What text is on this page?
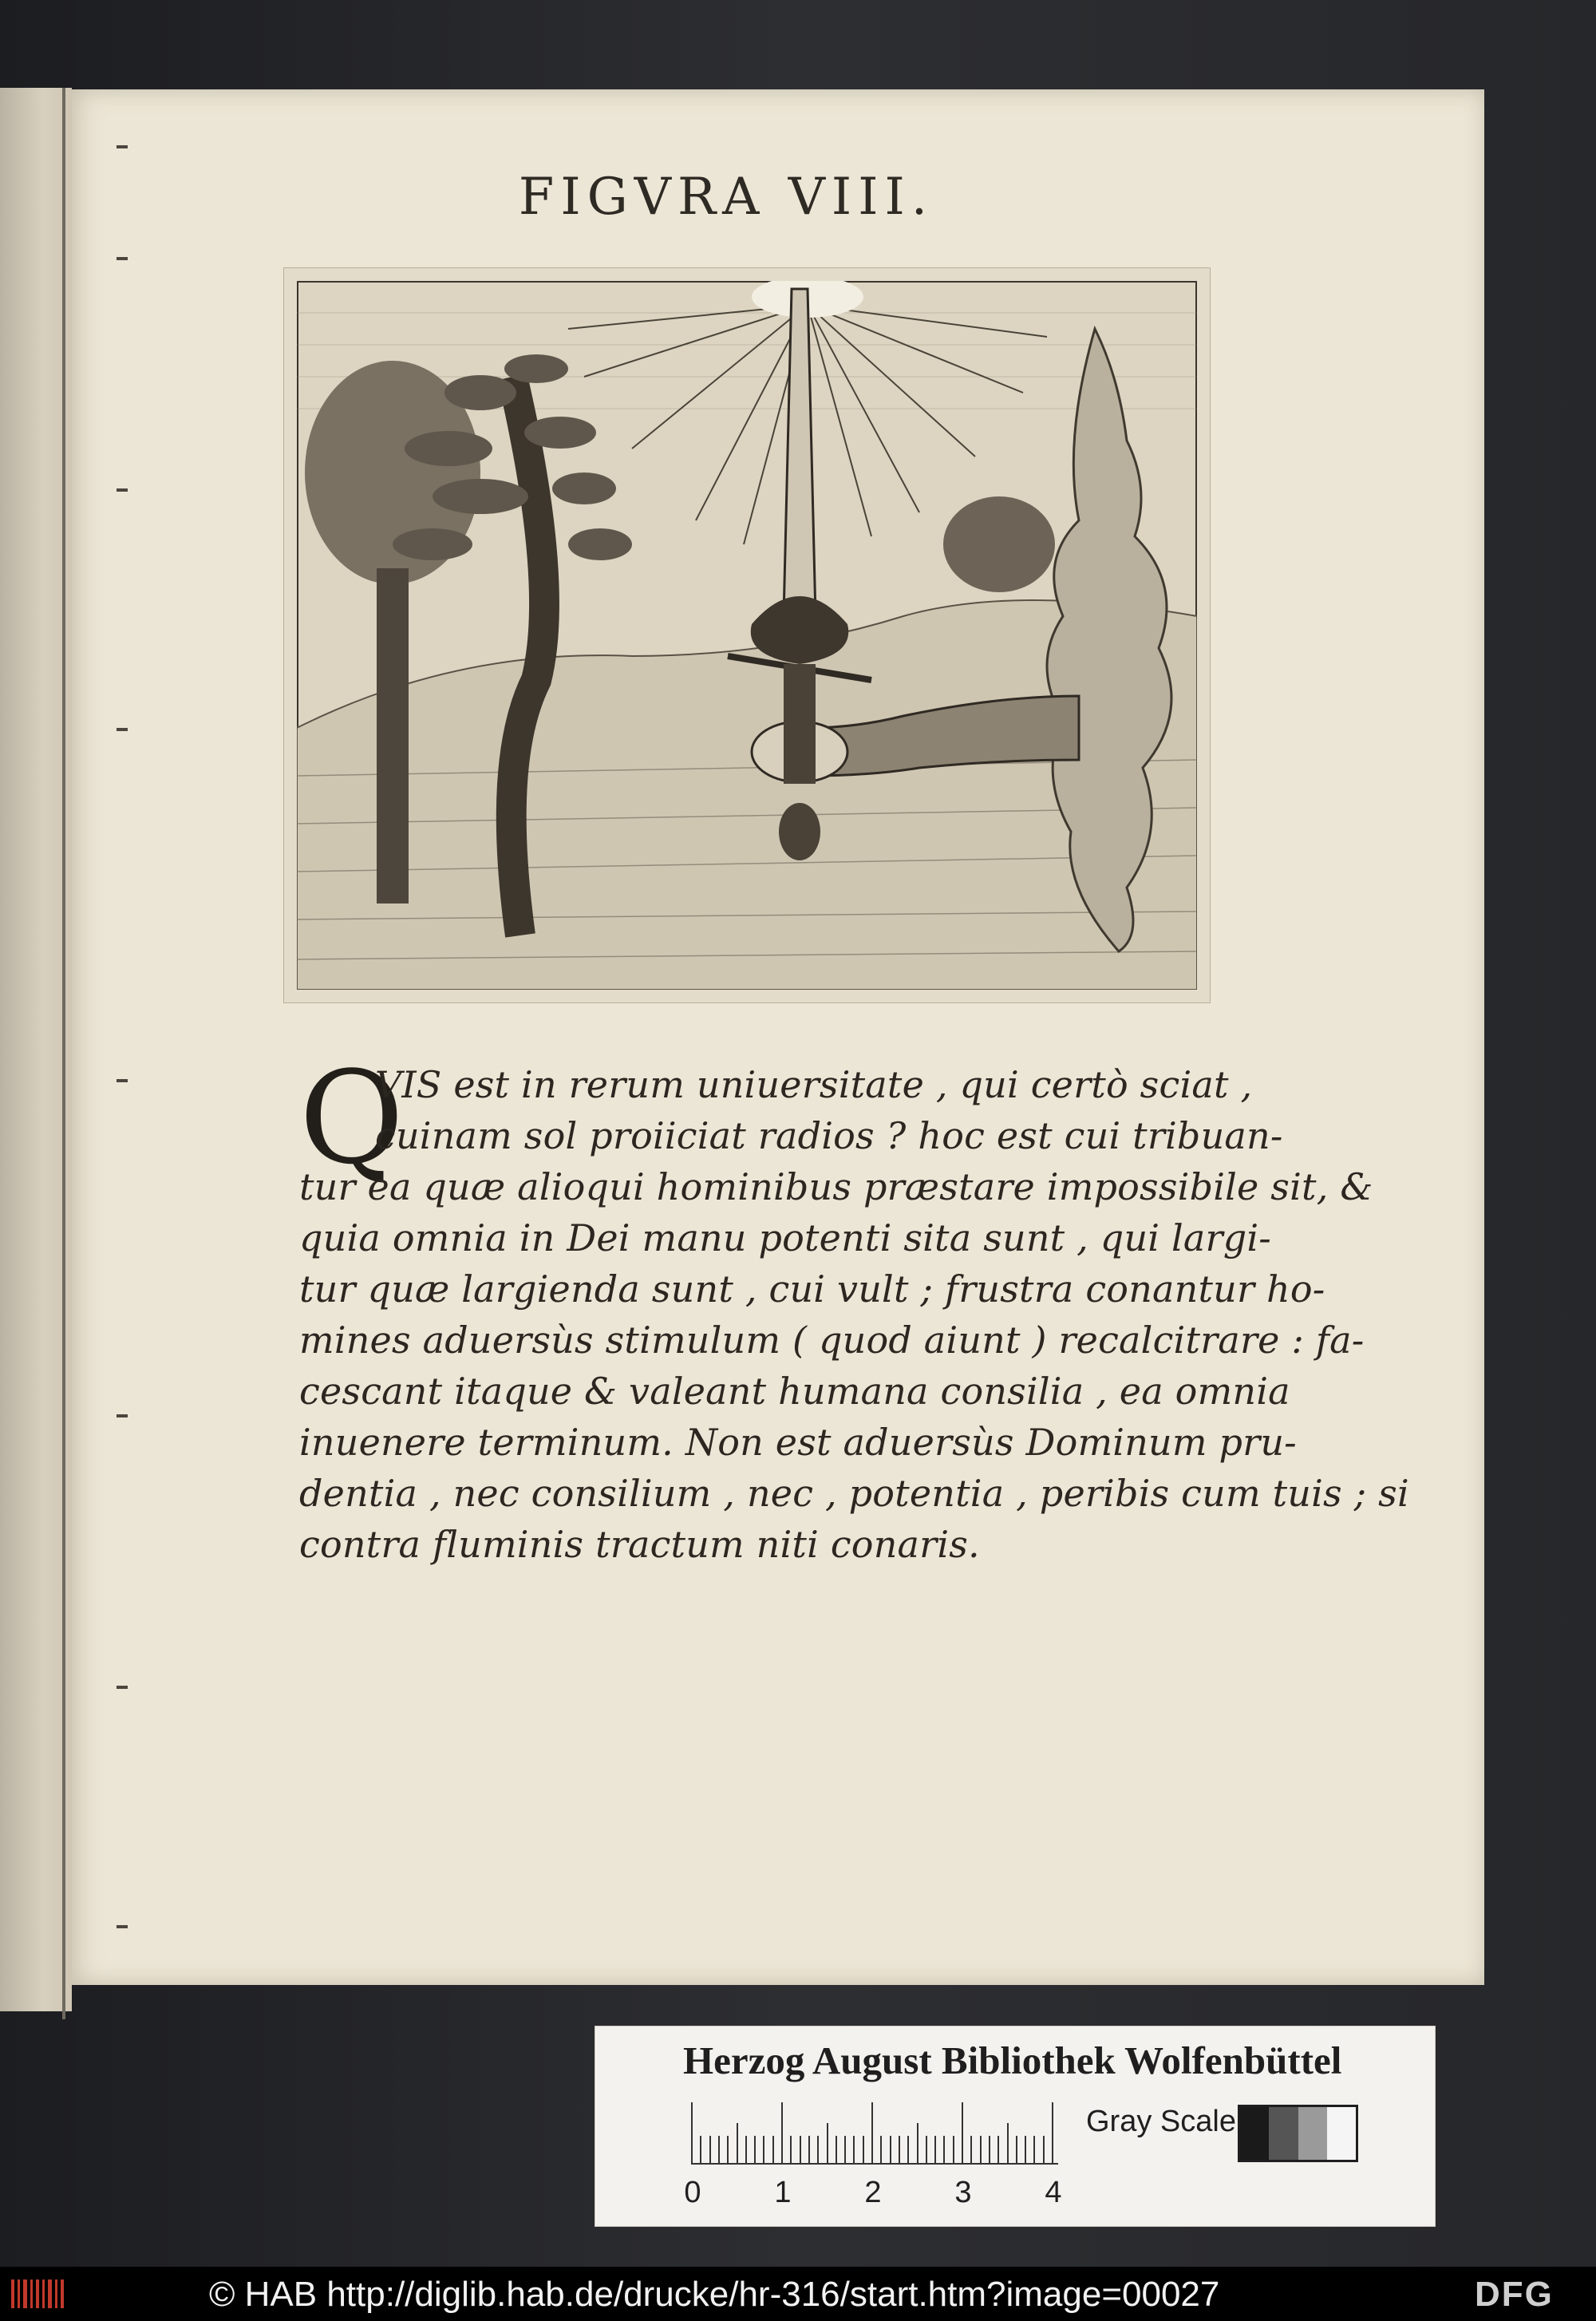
FIGVRA VIII.
Q
VIS est in rerum uniuersitate , qui certò sciat ,
cuinam sol proiiciat radios ? hoc est cui tribuan-
tur ea quæ alioqui hominibus præstare impossibile sit, &
quia omnia in Dei manu potenti sita sunt , qui largi-
tur quæ largienda sunt , cui vult ; frustra conantur ho-
mines aduersùs stimulum ( quod aiunt ) recalcitrare : fa-
cescant itaque & valeant humana consilia , ea omnia
inuenere terminum. Non est aduersùs Dominum pru-
dentia , nec consilium , nec , potentia , peribis cum tuis ; si
contra fluminis tractum niti conaris.
Herzog August Bibliothek Wolfenbüttel
0 1 2 3 4
Gray Scale
© HAB http://diglib.hab.de/drucke/hr-316/start.htm?image=00027	DFG
